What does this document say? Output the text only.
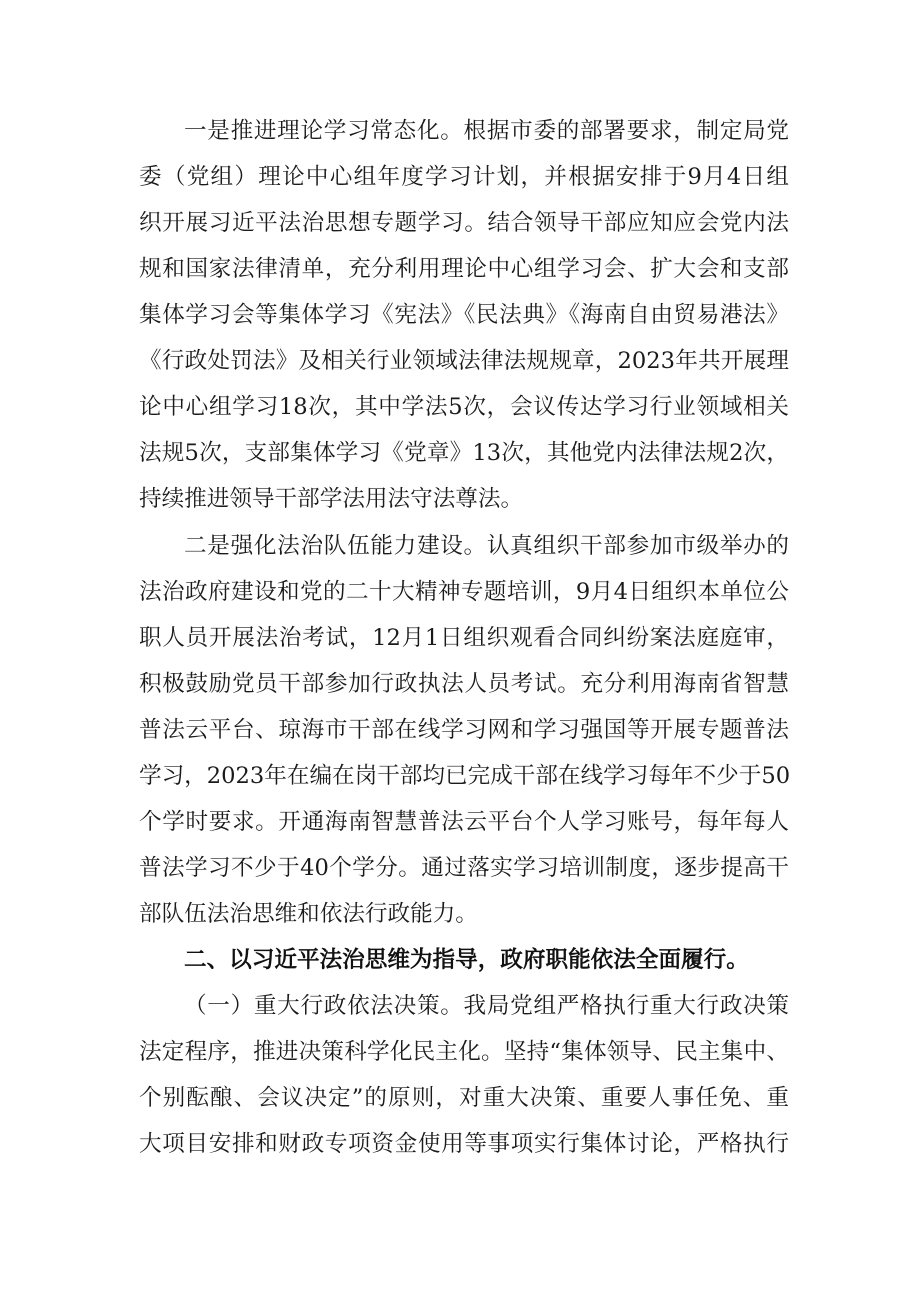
一是推进理论学习常态化。根据市委的部署要求，制定局党
委（党组）理论中心组年度学习计划，并根据安排于9月4日组
织开展习近平法治思想专题学习。结合领导干部应知应会党内法
规和国家法律清单，充分利用理论中心组学习会、扩大会和支部
集体学习会等集体学习《宪法》《民法典》《海南自由贸易港法》
《行政处罚法》及相关行业领域法律法规规章，2023年共开展理
论中心组学习18次，其中学法5次，会议传达学习行业领域相关
法规5次，支部集体学习《党章》13次，其他党内法律法规2次，
持续推进领导干部学法用法守法尊法。
二是强化法治队伍能力建设。认真组织干部参加市级举办的
法治政府建设和党的二十大精神专题培训，9月4日组织本单位公
职人员开展法治考试，12月1日组织观看合同纠纷案法庭庭审，
积极鼓励党员干部参加行政执法人员考试。充分利用海南省智慧
普法云平台、琼海市干部在线学习网和学习强国等开展专题普法
学习，2023年在编在岗干部均已完成干部在线学习每年不少于50
个学时要求。开通海南智慧普法云平台个人学习账号，每年每人
普法学习不少于40个学分。通过落实学习培训制度，逐步提高干
部队伍法治思维和依法行政能力。
二、以习近平法治思维为指导，政府职能依法全面履行。
（一）重大行政依法决策。我局党组严格执行重大行政决策
法定程序，推进决策科学化民主化。坚持“集体领导、民主集中、
个别酝酿、会议决定”的原则，对重大决策、重要人事任免、重
大项目安排和财政专项资金使用等事项实行集体讨论，严格执行
